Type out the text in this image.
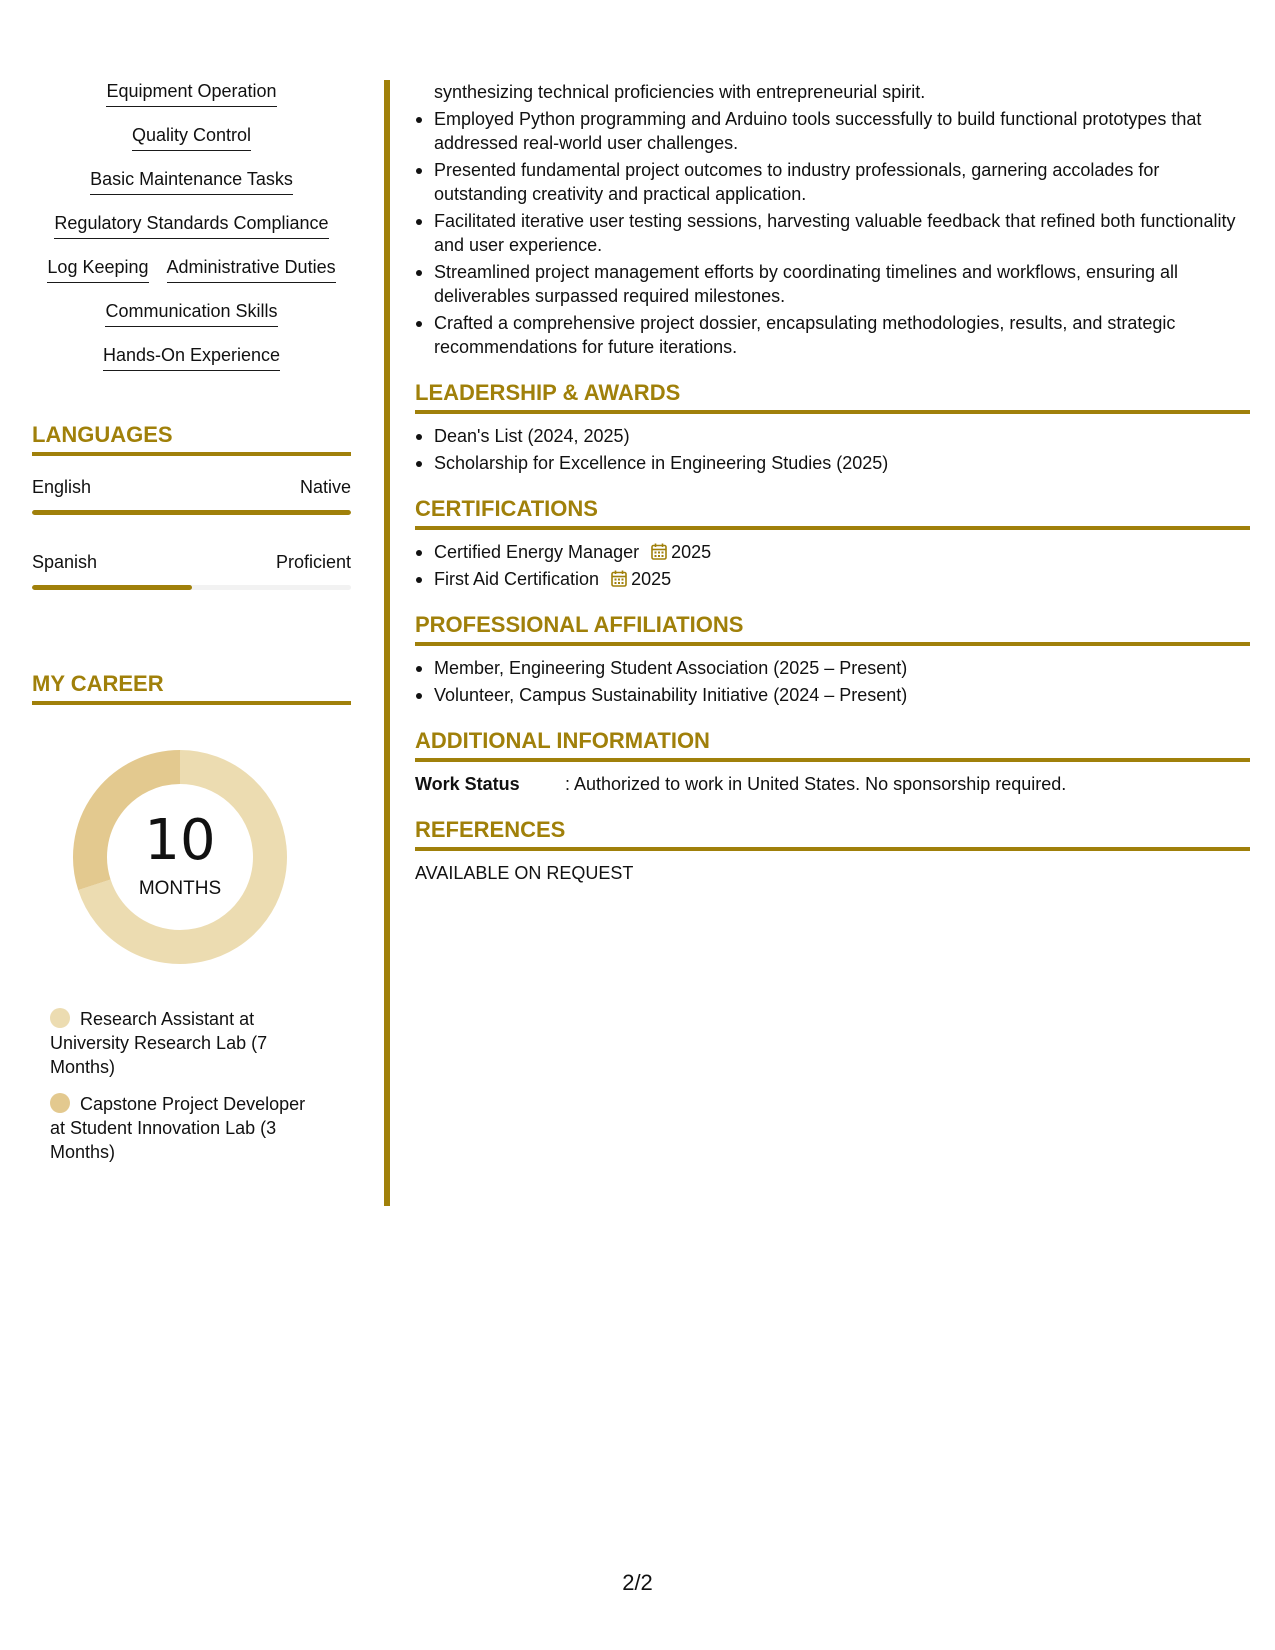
Equipment Operation
Quality Control
Basic Maintenance Tasks
Regulatory Standards Compliance
Log Keeping Administrative Duties
Communication Skills
Hands-On Experience
LANGUAGES
English	Native
Spanish	Proficient
MY CAREER
10
MONTHS
Research Assistant at University Research Lab (7 Months)
Capstone Project Developer at Student Innovation Lab (3 Months)
synthesizing technical proficiencies with entrepreneurial spirit.
Employed Python programming and Arduino tools successfully to build functional prototypes that addressed real-world user challenges.
Presented fundamental project outcomes to industry professionals, garnering accolades for outstanding creativity and practical application.
Facilitated iterative user testing sessions, harvesting valuable feedback that refined both functionality and user experience.
Streamlined project management efforts by coordinating timelines and workflows, ensuring all deliverables surpassed required milestones.
Crafted a comprehensive project dossier, encapsulating methodologies, results, and strategic recommendations for future iterations.
LEADERSHIP & AWARDS
Dean's List (2024, 2025)
Scholarship for Excellence in Engineering Studies (2025)
CERTIFICATIONS
Certified Energy Manager 2025
First Aid Certification 2025
PROFESSIONAL AFFILIATIONS
Member, Engineering Student Association (2025 – Present)
Volunteer, Campus Sustainability Initiative (2024 – Present)
ADDITIONAL INFORMATION
Work Status	: Authorized to work in United States. No sponsorship required.
REFERENCES
AVAILABLE ON REQUEST
2/2
